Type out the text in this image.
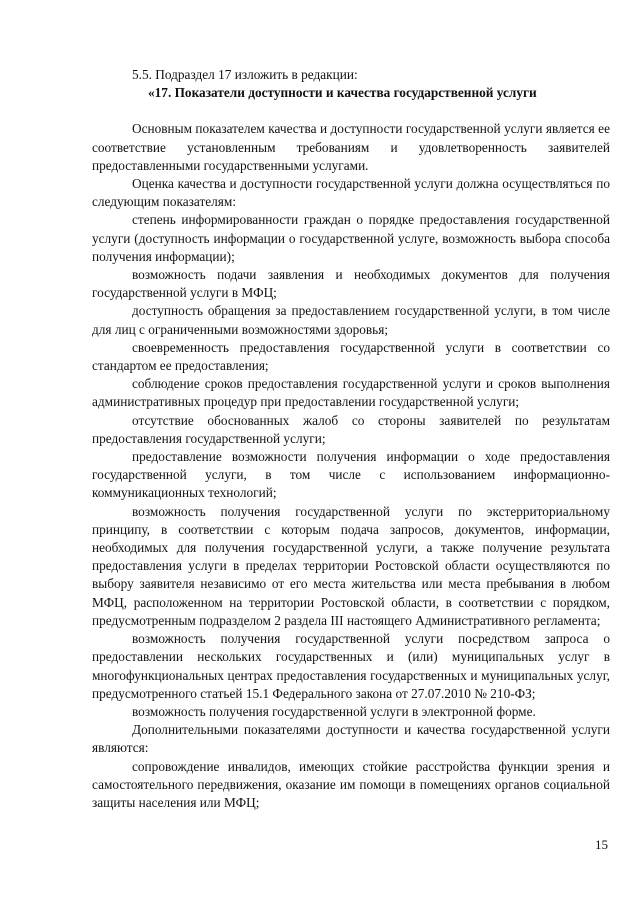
5.5. Подраздел 17 изложить в редакции:

«17. Показатели доступности и качества государственной услуги

Основным показателем качества и доступности государственной услуги является ее соответствие установленным требованиям и удовлетворенность заявителей предоставленными государственными услугами.

Оценка качества и доступности государственной услуги должна осуществляться по следующим показателям:

степень информированности граждан о порядке предоставления государственной услуги (доступность информации о государственной услуге, возможность выбора способа получения информации);

возможность подачи заявления и необходимых документов для получения государственной услуги в МФЦ;

доступность обращения за предоставлением государственной услуги, в том числе для лиц с ограниченными возможностями здоровья;

своевременность предоставления государственной услуги в соответствии со стандартом ее предоставления;

соблюдение сроков предоставления государственной услуги и сроков выполнения административных процедур при предоставлении государственной услуги;

отсутствие обоснованных жалоб со стороны заявителей по результатам предоставления государственной услуги;

предоставление возможности получения информации о ходе предоставления государственной услуги, в том числе с использованием информационно-коммуникационных технологий;

возможность получения государственной услуги по экстерриториальному принципу, в соответствии с которым подача запросов, документов, информации, необходимых для получения государственной услуги, а также получение результата предоставления услуги в пределах территории Ростовской области осуществляются по выбору заявителя независимо от его места жительства или места пребывания в любом МФЦ, расположенном на территории Ростовской области, в соответствии с порядком, предусмотренным подразделом 2 раздела III настоящего Административного регламента;

возможность получения государственной услуги посредством запроса о предоставлении нескольких государственных и (или) муниципальных услуг в многофункциональных центрах предоставления государственных и муниципальных услуг, предусмотренного статьей 15.1 Федерального закона от 27.07.2010 № 210-ФЗ;

возможность получения государственной услуги в электронной форме.

Дополнительными показателями доступности и качества государственной услуги являются:

сопровождение инвалидов, имеющих стойкие расстройства функции зрения и самостоятельного передвижения, оказание им помощи в помещениях органов социальной защиты населения или МФЦ;

15
